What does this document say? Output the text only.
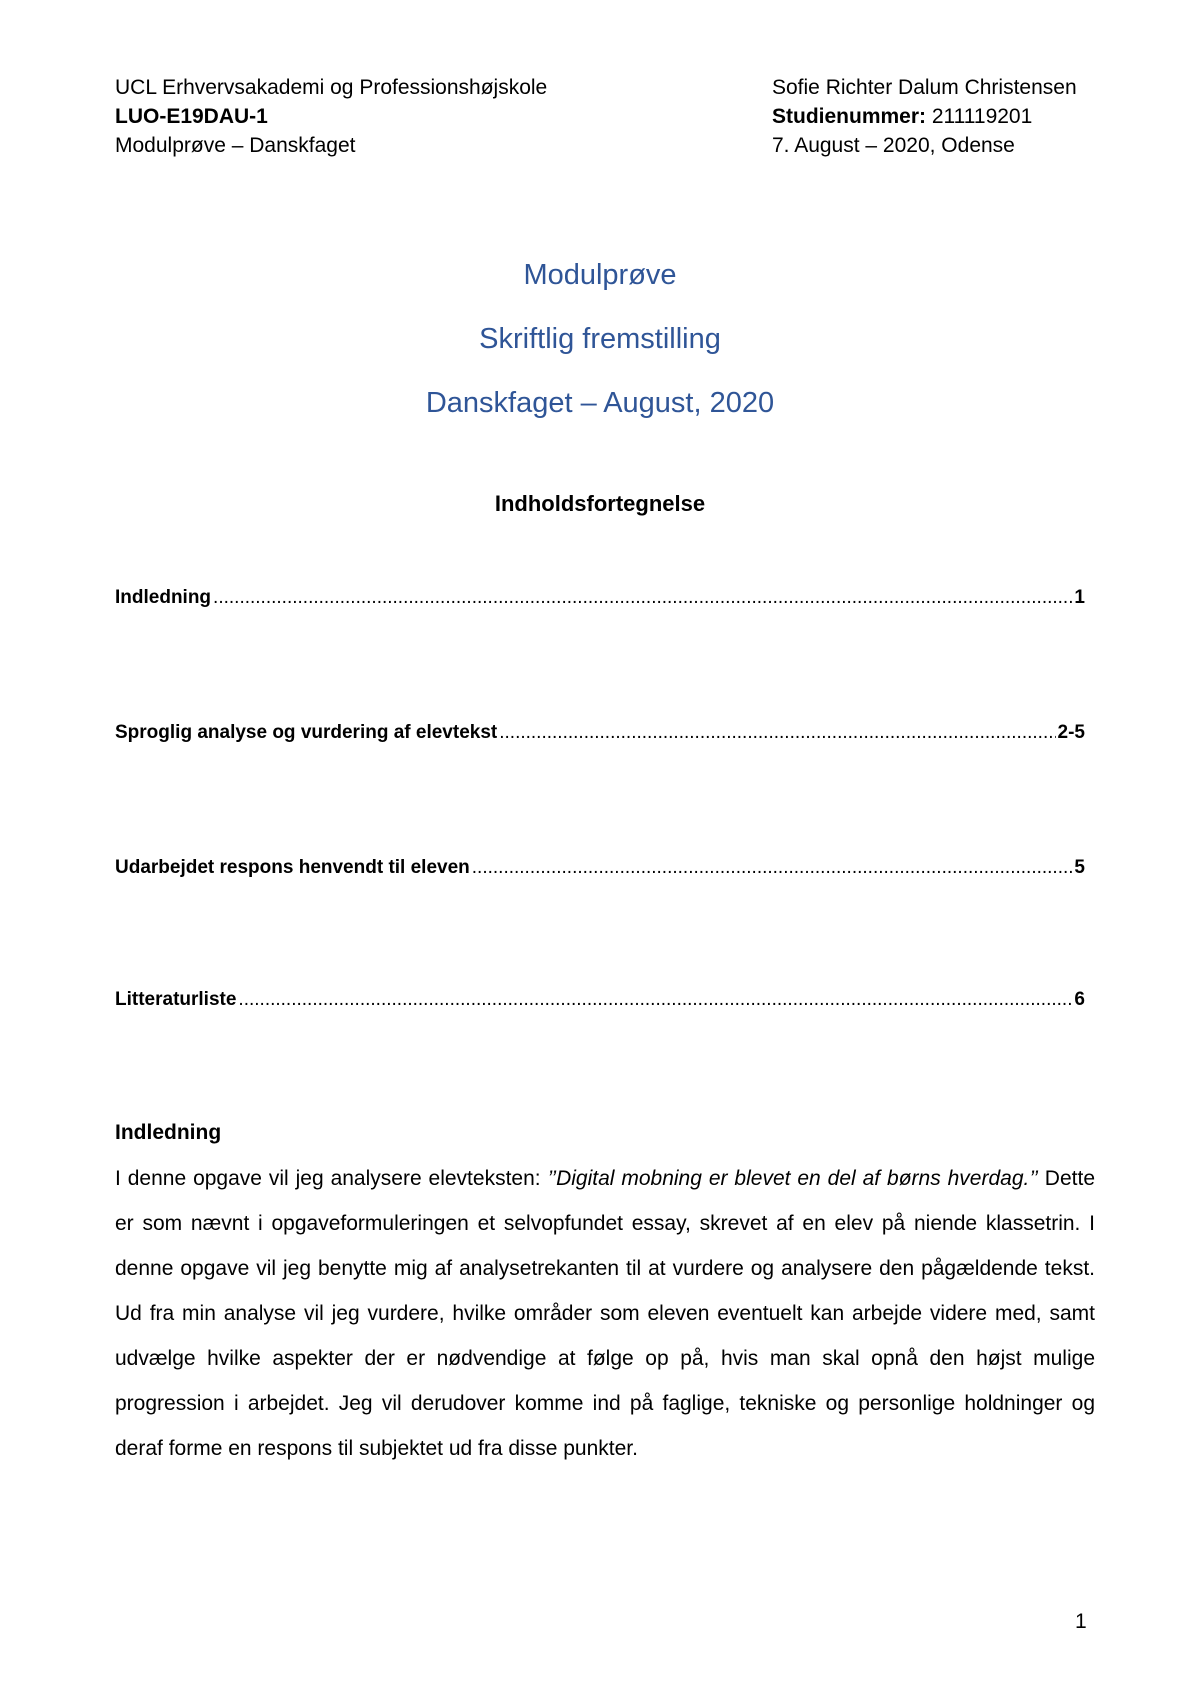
UCL Erhvervsakademi og Professionshøjskole
LUO-E19DAU-1
Modulprøve – Danskfaget
Sofie Richter Dalum Christensen
Studienummer: 211119201
7. August – 2020, Odense
Modulprøve
Skriftlig fremstilling
Danskfaget – August, 2020
Indholdsfortegnelse
Indledning .....	1
Sproglig analyse og vurdering af elevtekst .....	2-5
Udarbejdet respons henvendt til eleven .....	5
Litteraturliste .....	6
Indledning
I denne opgave vil jeg analysere elevteksten: ’’Digital mobning er blevet en del af børns hverdag.’’ Dette er som nævnt i opgaveformuleringen et selvopfundet essay, skrevet af en elev på niende klassetrin. I denne opgave vil jeg benytte mig af analysetrekanten til at vurdere og analysere den pågældende tekst. Ud fra min analyse vil jeg vurdere, hvilke områder som eleven eventuelt kan arbejde videre med, samt udvælge hvilke aspekter der er nødvendige at følge op på, hvis man skal opnå den højst mulige progression i arbejdet. Jeg vil derudover komme ind på faglige, tekniske og personlige holdninger og deraf forme en respons til subjektet ud fra disse punkter.
1
